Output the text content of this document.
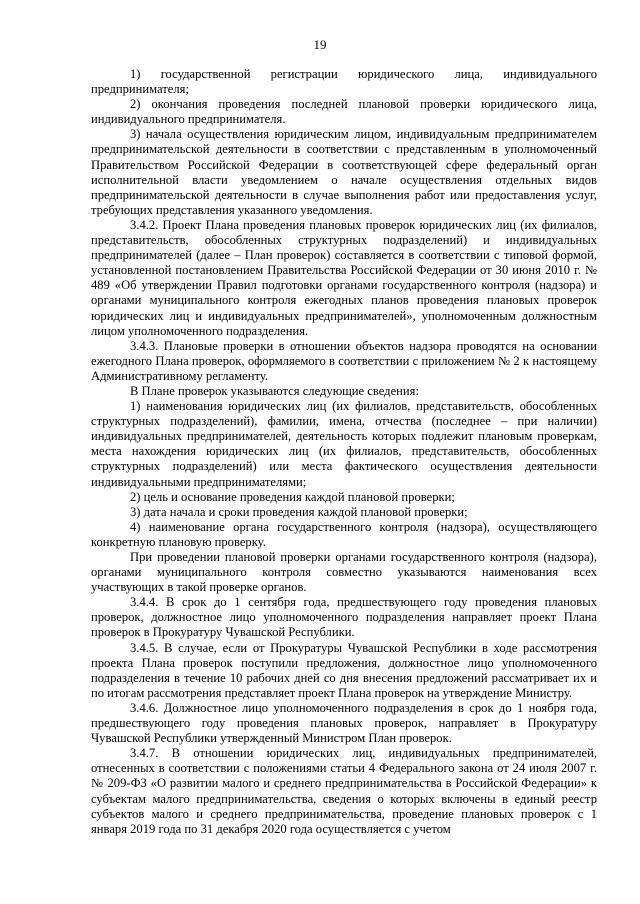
19

1) государственной регистрации юридического лица, индивидуального предпринимателя;

2) окончания проведения последней плановой проверки юридического лица, индивидуального предпринимателя.

3) начала осуществления юридическим лицом, индивидуальным предпринимателем предпринимательской деятельности в соответствии с представленным в уполномоченный Правительством Российской Федерации в соответствующей сфере федеральный орган исполнительной власти уведомлением о начале осуществления отдельных видов предпринимательской деятельности в случае выполнения работ или предоставления услуг, требующих представления указанного уведомления.

3.4.2. Проект Плана проведения плановых проверок юридических лиц (их филиалов, представительств, обособленных структурных подразделений) и индивидуальных предпринимателей (далее – План проверок) составляется в соответствии с типовой формой, установленной постановлением Правительства Российской Федерации от 30 июня 2010 г. № 489 «Об утверждении Правил подготовки органами государственного контроля (надзора) и органами муниципального контроля ежегодных планов проведения плановых проверок юридических лиц и индивидуальных предпринимателей», уполномоченным должностным лицом уполномоченного подразделения.

3.4.3. Плановые проверки в отношении объектов надзора проводятся на основании ежегодного Плана проверок, оформляемого в соответствии с приложением № 2 к настоящему Административному регламенту.

В Плане проверок указываются следующие сведения:

1) наименования юридических лиц (их филиалов, представительств, обособленных структурных подразделений), фамилии, имена, отчества (последнее – при наличии) индивидуальных предпринимателей, деятельность которых подлежит плановым проверкам, места нахождения юридических лиц (их филиалов, представительств, обособленных структурных подразделений) или места фактического осуществления деятельности индивидуальными предпринимателями;

2) цель и основание проведения каждой плановой проверки;

3) дата начала и сроки проведения каждой плановой проверки;

4) наименование органа государственного контроля (надзора), осуществляющего конкретную плановую проверку.

При проведении плановой проверки органами государственного контроля (надзора), органами муниципального контроля совместно указываются наименования всех участвующих в такой проверке органов.

3.4.4. В срок до 1 сентября года, предшествующего году проведения плановых проверок, должностное лицо уполномоченного подразделения направляет проект Плана проверок в Прокуратуру Чувашской Республики.

3.4.5. В случае, если от Прокуратуры Чувашской Республики в ходе рассмотрения проекта Плана проверок поступили предложения, должностное лицо уполномоченного подразделения в течение 10 рабочих дней со дня внесения предложений рассматривает их и по итогам рассмотрения представляет проект Плана проверок на утверждение Министру.

3.4.6. Должностное лицо уполномоченного подразделения в срок до 1 ноября года, предшествующего году проведения плановых проверок, направляет в Прокуратуру Чувашской Республики утвержденный Министром План проверок.

3.4.7. В отношении юридических лиц, индивидуальных предпринимателей, отнесенных в соответствии с положениями статьи 4 Федерального закона от 24 июля 2007 г. № 209-ФЗ «О развитии малого и среднего предпринимательства в Российской Федерации» к субъектам малого предпринимательства, сведения о которых включены в единый реестр субъектов малого и среднего предпринимательства, проведение плановых проверок с 1 января 2019 года по 31 декабря 2020 года осуществляется с учетом
